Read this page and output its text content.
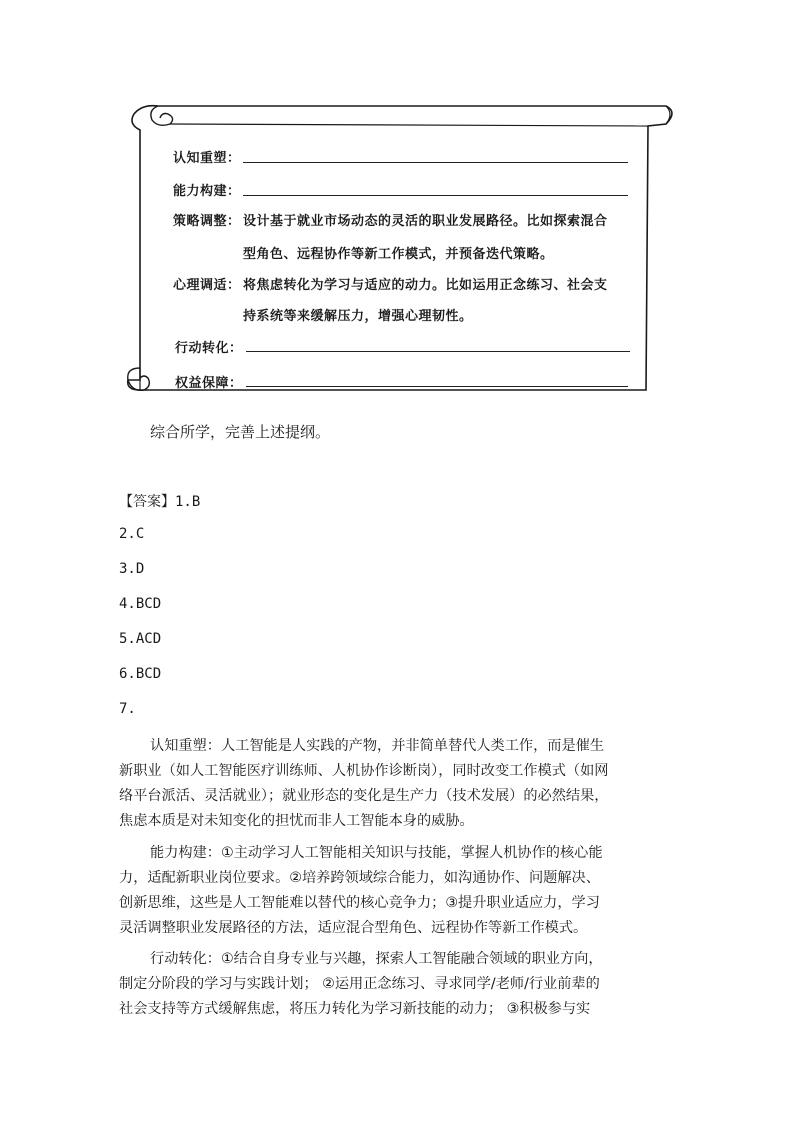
认知重塑：
能力构建：
策略调整： 设计基于就业市场动态的灵活的职业发展路径。比如探索混合
型角色、远程协作等新工作模式，并预备迭代策略。
心理调适： 将焦虑转化为学习与适应的动力。比如运用正念练习、社会支
持系统等来缓解压力，增强心理韧性。
行动转化：
权益保障：
综合所学，完善上述提纲。
【答案】1.B
2.C
3.D
4.BCD
5.ACD
6.BCD
7.
认知重塑：人工智能是人实践的产物，并非简单替代人类工作，而是催生
新职业（如人工智能医疗训练师、人机协作诊断岗），同时改变工作模式（如网
络平台派活、灵活就业）；就业形态的变化是生产力（技术发展）的必然结果，
焦虑本质是对未知变化的担忧而非人工智能本身的威胁。
能力构建：①主动学习人工智能相关知识与技能，掌握人机协作的核心能
力，适配新职业岗位要求。②培养跨领域综合能力，如沟通协作、问题解决、
创新思维，这些是人工智能难以替代的核心竞争力；③提升职业适应力，学习
灵活调整职业发展路径的方法，适应混合型角色、远程协作等新工作模式。
行动转化：①结合自身专业与兴趣，探索人工智能融合领域的职业方向，
制定分阶段的学习与实践计划； ②运用正念练习、寻求同学/老师/行业前辈的
社会支持等方式缓解焦虑，将压力转化为学习新技能的动力； ③积极参与实
